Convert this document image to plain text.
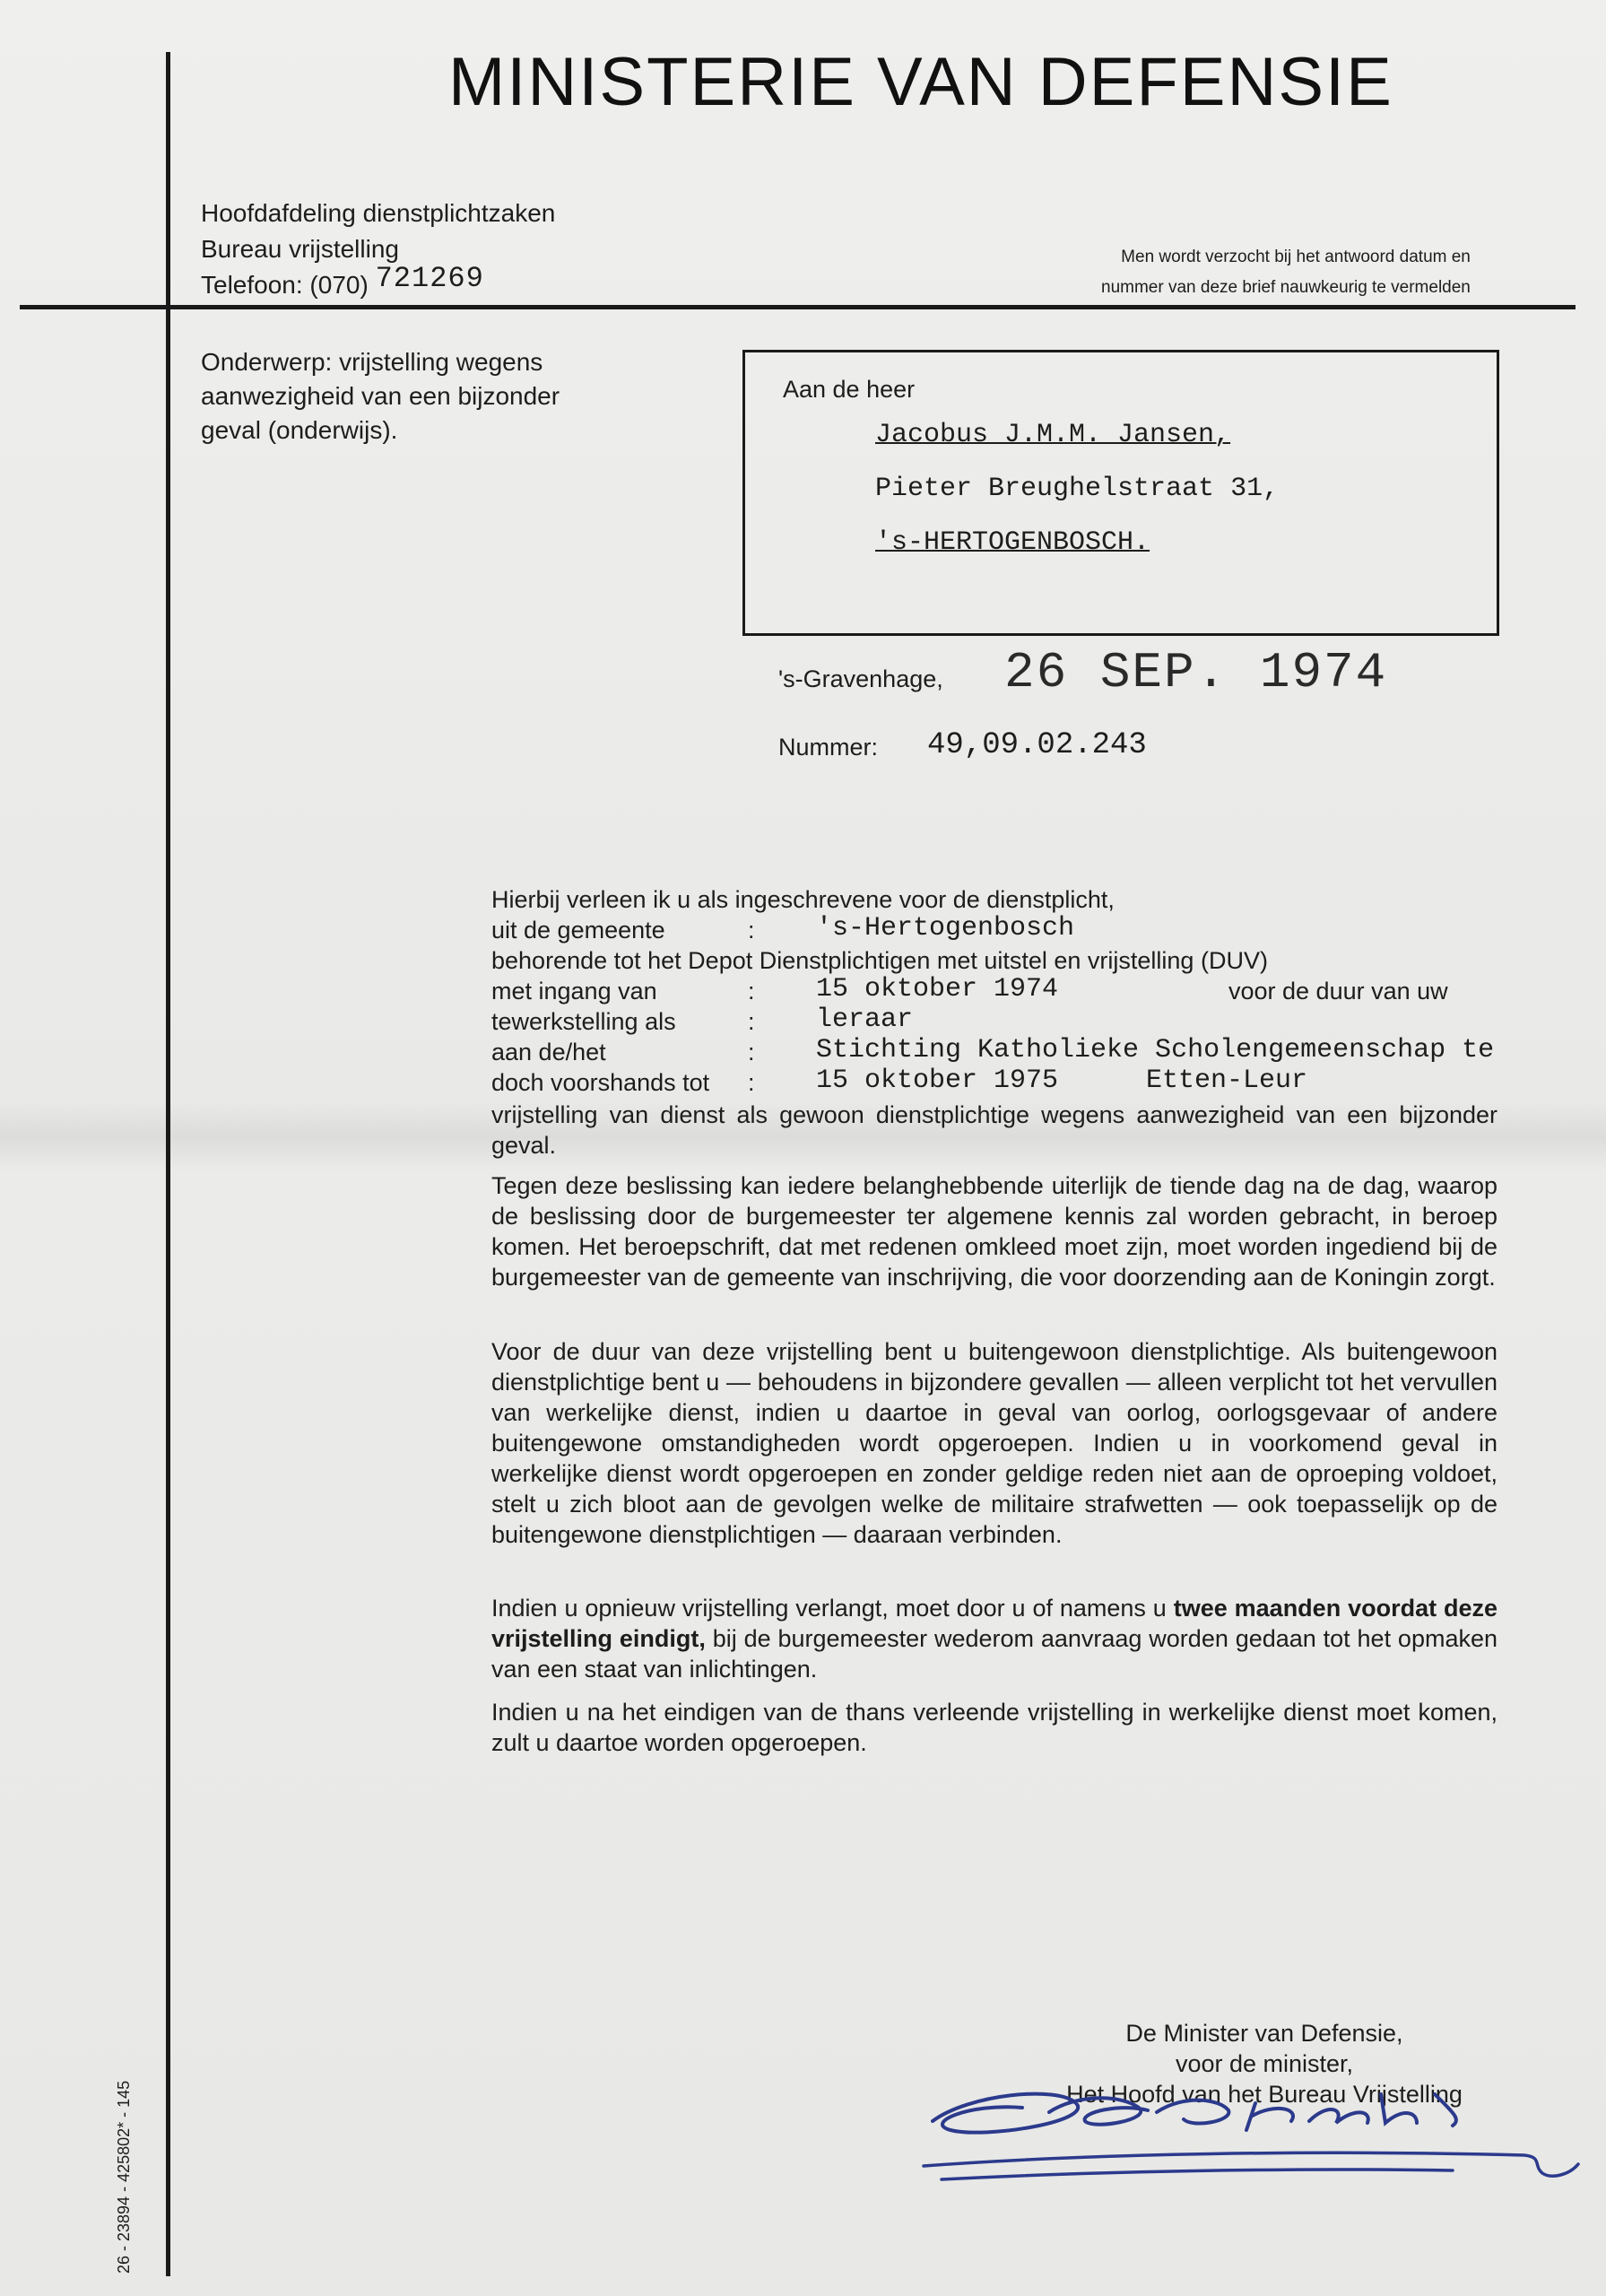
MINISTERIE VAN DEFENSIE
Hoofdafdeling dienstplichtzaken
Bureau vrijstelling
Telefoon: (070) 721269
Men wordt verzocht bij het antwoord datum en
nummer van deze brief nauwkeurig te vermelden
Onderwerp: vrijstelling wegens
aanwezigheid van een bijzonder
geval (onderwijs).
Aan de heer
Jacobus J.M.M. Jansen,
Pieter Breughelstraat 31,
's-HERTOGENBOSCH.
's-Gravenhage, 26 SEP. 1974
Nummer: 49,09.02.243
Hierbij verleen ik u als ingeschrevene voor de dienstplicht,
uit de gemeente	: 's-Hertogenbosch
behorende tot het Depot Dienstplichtigen met uitstel en vrijstelling (DUV)
met ingang van	: 15 oktober 1974	voor de duur van uw
tewerkstelling als	: leraar
aan de/het	: Stichting Katholieke Scholengemeenschap te
doch voorshands tot : 15 oktober 1975	Etten-Leur
vrijstelling van dienst als gewoon dienstplichtige wegens aanwezigheid van een bijzonder geval.
Tegen deze beslissing kan iedere belanghebbende uiterlijk de tiende dag na de dag, waarop de beslissing door de burgemeester ter algemene kennis zal worden gebracht, in beroep komen. Het beroepschrift, dat met redenen omkleed moet zijn, moet worden ingediend bij de burgemeester van de gemeente van inschrijving, die voor doorzending aan de Koningin zorgt.
Voor de duur van deze vrijstelling bent u buitengewoon dienstplichtige. Als buitengewoon dienstplichtige bent u — behoudens in bijzondere gevallen — alleen verplicht tot het vervullen van werkelijke dienst, indien u daartoe in geval van oorlog, oorlogsgevaar of andere buitengewone omstandigheden wordt opgeroepen. Indien u in voorkomend geval in werkelijke dienst wordt opgeroepen en zonder geldige reden niet aan de oproeping voldoet, stelt u zich bloot aan de gevolgen welke de militaire strafwetten — ook toepasselijk op de buitengewone dienstplichtigen — daaraan verbinden.
Indien u opnieuw vrijstelling verlangt, moet door u of namens u twee maanden voordat deze vrijstelling eindigt, bij de burgemeester wederom aanvraag worden gedaan tot het opmaken van een staat van inlichtingen.
Indien u na het eindigen van de thans verleende vrijstelling in werkelijke dienst moet komen, zult u daartoe worden opgeroepen.
De Minister van Defensie,
voor de minister,
Het Hoofd van het Bureau Vrijstelling
26 - 23894 - 425802* - 145
